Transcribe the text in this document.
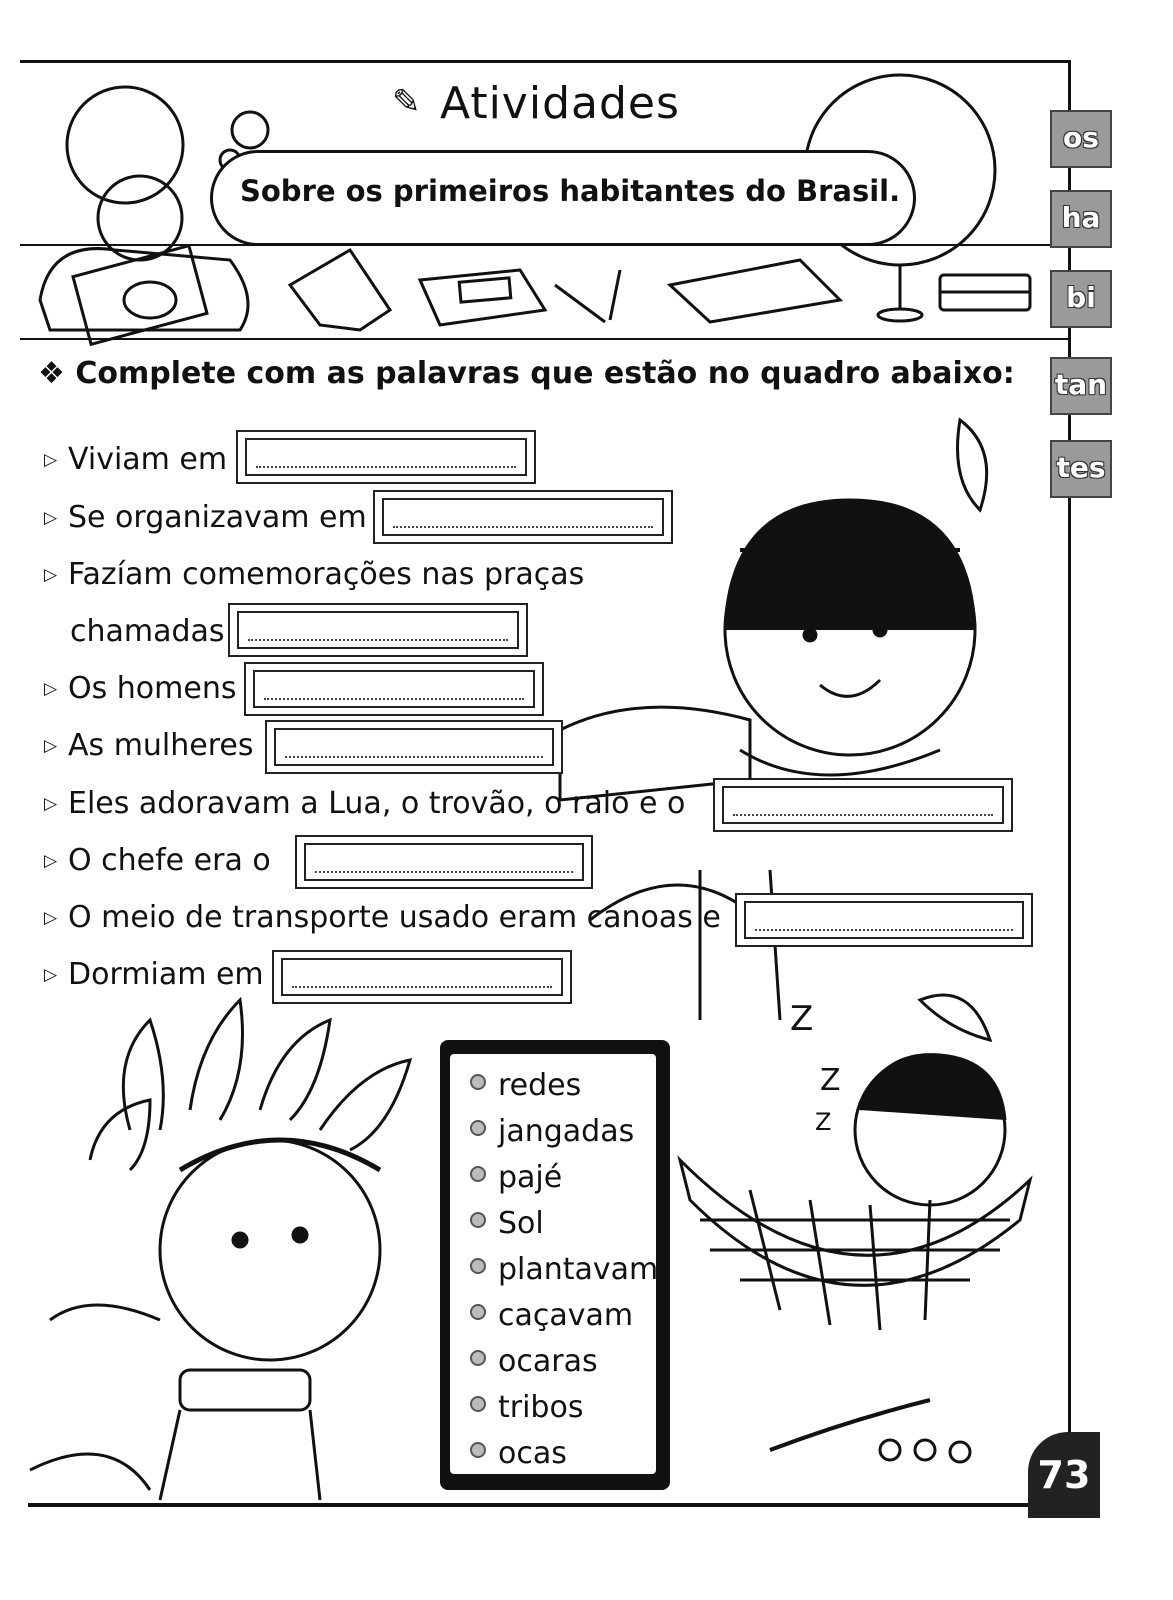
✎ Atividades
Sobre os primeiros habitantes do Brasil.
os
ha
bi
tan
tes
❖ Complete com as palavras que estão no quadro abaixo:
Z
Z
Z
▷ Viviam em
▷ Se organizavam em
▷ Fazíam comemorações nas praças
chamadas
▷ Os homens
▷ As mulheres
▷ Eles adoravam a Lua, o trovão, o raio e o
▷ O chefe era o
▷ O meio de transporte usado eram canoas e
▷ Dormiam em
redes
jangadas
pajé
Sol
plantavam
caçavam
ocaras
tribos
ocas	73
